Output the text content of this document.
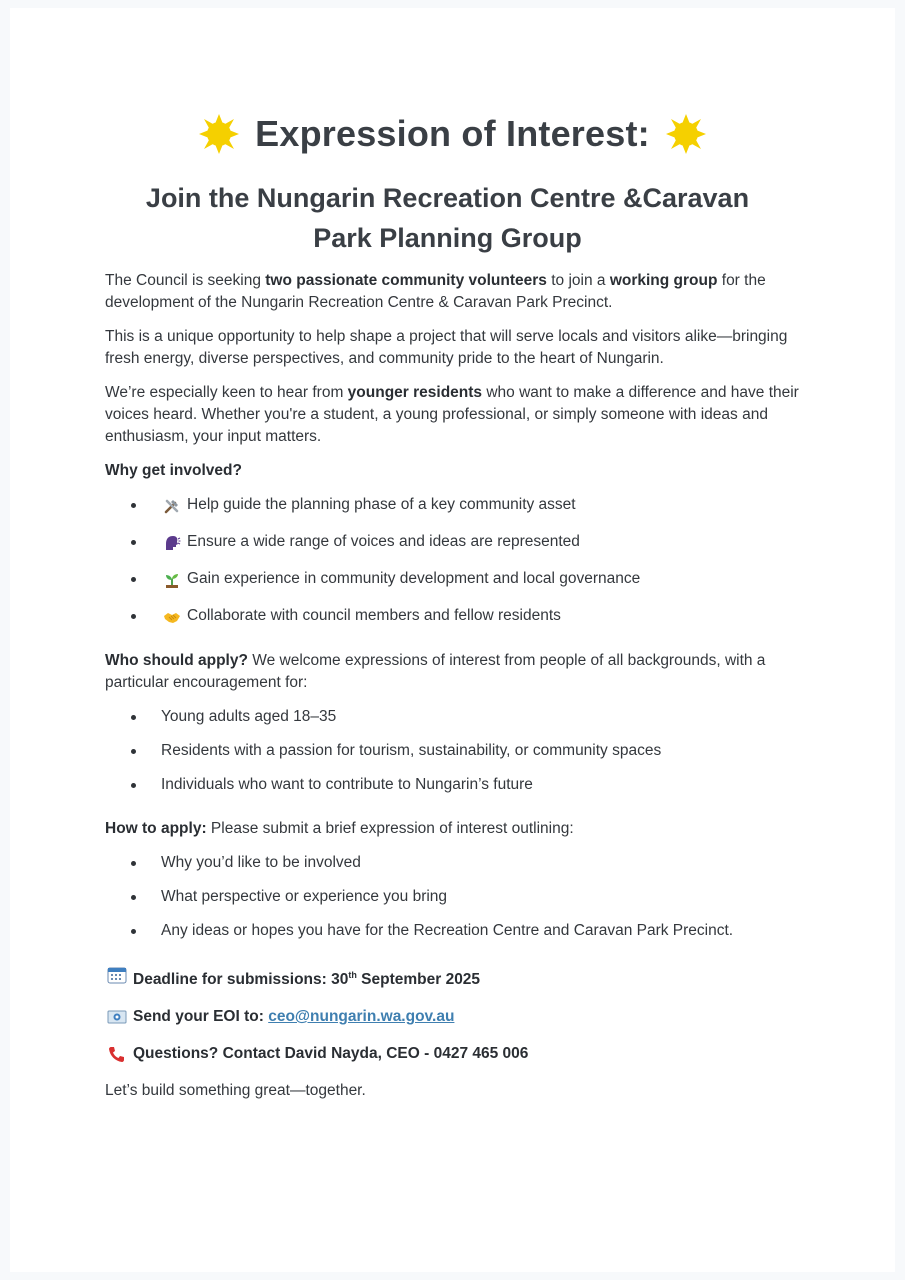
Expression of Interest:
Join the Nungarin Recreation Centre &Caravan Park Planning Group

The Council is seeking two passionate community volunteers to join a working group for the development of the Nungarin Recreation Centre & Caravan Park Precinct.

This is a unique opportunity to help shape a project that will serve locals and visitors alike—bringing fresh energy, diverse perspectives, and community pride to the heart of Nungarin.

We’re especially keen to hear from younger residents who want to make a difference and have their voices heard. Whether you're a student, a young professional, or simply someone with ideas and enthusiasm, your input matters.

Why get involved?
Help guide the planning phase of a key community asset
Ensure a wide range of voices and ideas are represented
Gain experience in community development and local governance
Collaborate with council members and fellow residents

Who should apply? We welcome expressions of interest from people of all backgrounds, with a particular encouragement for:

Young adults aged 18–35
Residents with a passion for tourism, sustainability, or community spaces
Individuals who want to contribute to Nungarin’s future

How to apply: Please submit a brief expression of interest outlining:

Why you’d like to be involved
What perspective or experience you bring
Any ideas or hopes you have for the Recreation Centre and Caravan Park Precinct.
Deadline for submissions: 30th September 2025
Send your EOI to: ceo@nungarin.wa.gov.au
Questions? Contact David Nayda, CEO - 0427 465 006

Let’s build something great—together.
